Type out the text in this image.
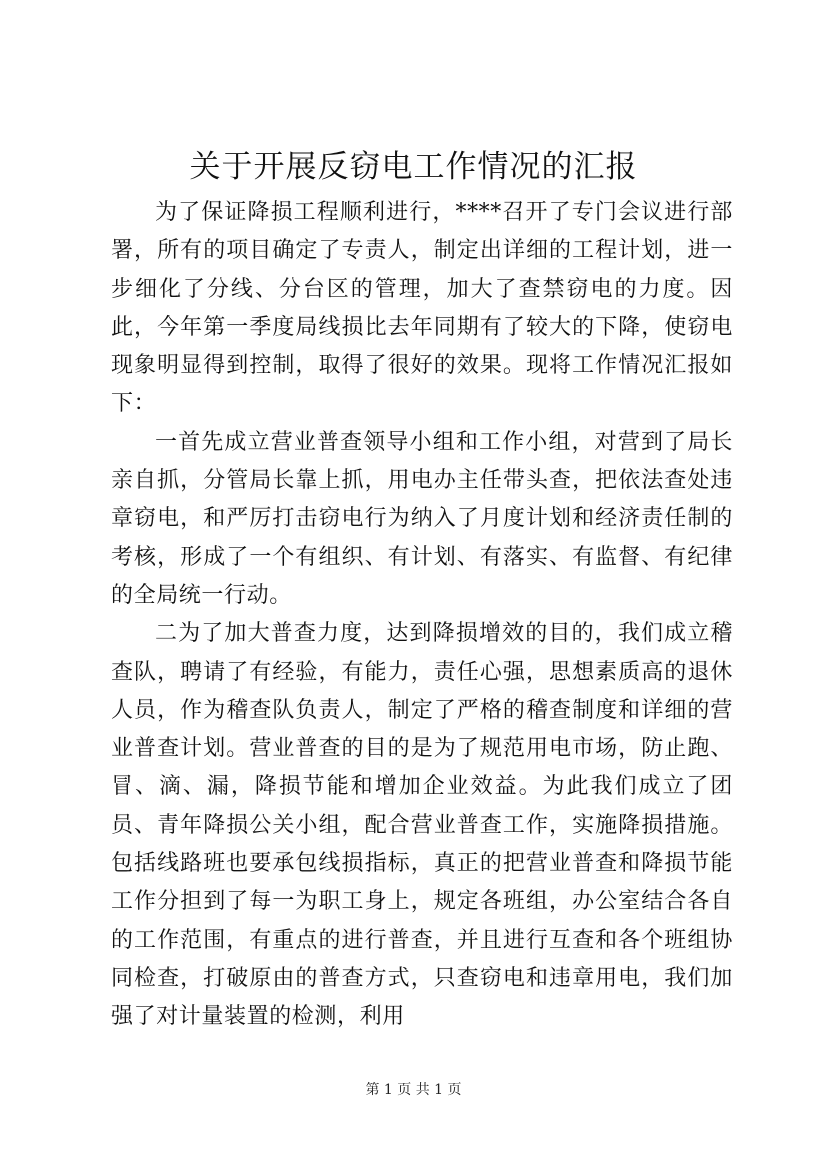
关于开展反窃电工作情况的汇报

为了保证降损工程顺利进行，****召开了专门会议进行部署，所有的项目确定了专责人，制定出详细的工程计划，进一步细化了分线、分台区的管理，加大了查禁窃电的力度。因此，今年第一季度局线损比去年同期有了较大的下降，使窃电现象明显得到控制，取得了很好的效果。现将工作情况汇报如下：

一首先成立营业普查领导小组和工作小组，对营到了局长亲自抓，分管局长靠上抓，用电办主任带头查，把依法查处违章窃电，和严厉打击窃电行为纳入了月度计划和经济责任制的考核，形成了一个有组织、有计划、有落实、有监督、有纪律的全局统一行动。

二为了加大普查力度，达到降损增效的目的，我们成立稽查队，聘请了有经验，有能力，责任心强，思想素质高的退休人员，作为稽查队负责人，制定了严格的稽查制度和详细的营业普查计划。营业普查的目的是为了规范用电市场，防止跑、冒、滴、漏，降损节能和增加企业效益。为此我们成立了团员、青年降损公关小组，配合营业普查工作，实施降损措施。包括线路班也要承包线损指标，真正的把营业普查和降损节能工作分担到了每一为职工身上，规定各班组，办公室结合各自的工作范围，有重点的进行普查，并且进行互查和各个班组协同检查，打破原由的普查方式，只查窃电和违章用电，我们加强了对计量装置的检测，利用

第 1 页 共 1 页
